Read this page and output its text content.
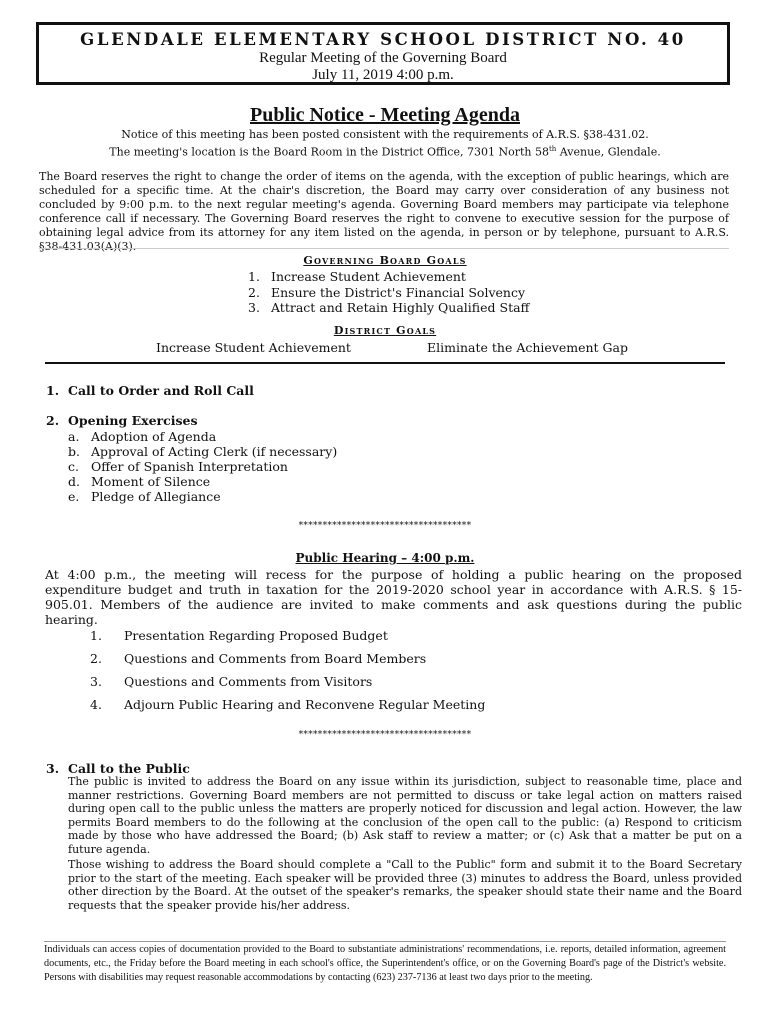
GLENDALE ELEMENTARY SCHOOL DISTRICT NO. 40
Regular Meeting of the Governing Board
July 11, 2019 4:00 p.m.
Public Notice - Meeting Agenda
Notice of this meeting has been posted consistent with the requirements of A.R.S. §38-431.02.
The meeting's location is the Board Room in the District Office, 7301 North 58th Avenue, Glendale.

The Board reserves the right to change the order of items on the agenda, with the exception of public hearings, which are scheduled for a specific time. At the chair's discretion, the Board may carry over consideration of any business not concluded by 9:00 p.m. to the next regular meeting's agenda. Governing Board members may participate via telephone conference call if necessary. The Governing Board reserves the right to convene to executive session for the purpose of obtaining legal advice from its attorney for any item listed on the agenda, in person or by telephone, pursuant to A.R.S. §38-431.03(A)(3).

Governing Board Goals
1. Increase Student Achievement
2. Ensure the District's Financial Solvency
3. Attract and Retain Highly Qualified Staff
District Goals
Increase Student Achievement	Eliminate the Achievement Gap
1. Call to Order and Roll Call
2. Opening Exercises
a. Adoption of Agenda
b. Approval of Acting Clerk (if necessary)
c. Offer of Spanish Interpretation
d. Moment of Silence
e. Pledge of Allegiance
************************************
Public Hearing – 4:00 p.m.

At 4:00 p.m., the meeting will recess for the purpose of holding a public hearing on the proposed expenditure budget and truth in taxation for the 2019-2020 school year in accordance with A.R.S. § 15-905.01. Members of the audience are invited to make comments and ask questions during the public hearing.

1. Presentation Regarding Proposed Budget
2. Questions and Comments from Board Members
3. Questions and Comments from Visitors
4. Adjourn Public Hearing and Reconvene Regular Meeting
************************************
3. Call to the Public

The public is invited to address the Board on any issue within its jurisdiction, subject to reasonable time, place and manner restrictions. Governing Board members are not permitted to discuss or take legal action on matters raised during open call to the public unless the matters are properly noticed for discussion and legal action. However, the law permits Board members to do the following at the conclusion of the open call to the public: (a) Respond to criticism made by those who have addressed the Board; (b) Ask staff to review a matter; or (c) Ask that a matter be put on a future agenda.

Those wishing to address the Board should complete a "Call to the Public" form and submit it to the Board Secretary prior to the start of the meeting. Each speaker will be provided three (3) minutes to address the Board, unless provided other direction by the Board. At the outset of the speaker's remarks, the speaker should state their name and the Board requests that the speaker provide his/her address.

Individuals can access copies of documentation provided to the Board to substantiate administrations' recommendations, i.e. reports, detailed information, agreement documents, etc., the Friday before the Board meeting in each school's office, the Superintendent's office, or on the Governing Board's page of the District's website. Persons with disabilities may request reasonable accommodations by contacting (623) 237-7136 at least two days prior to the meeting.
